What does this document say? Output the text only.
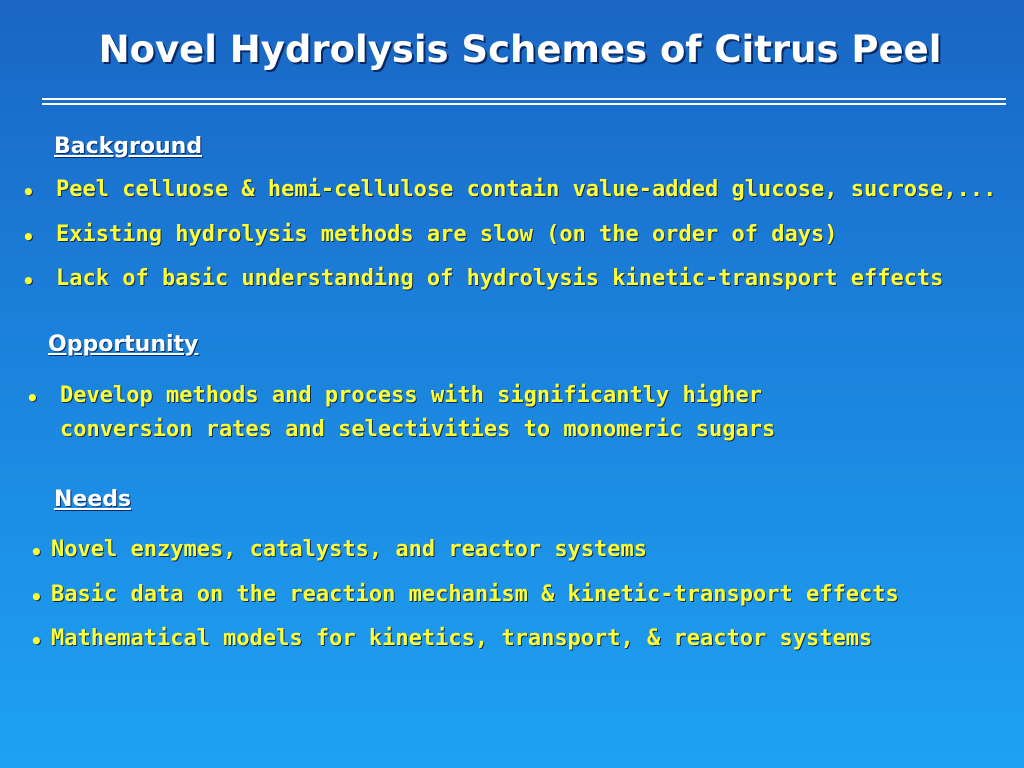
Novel Hydrolysis Schemes of Citrus Peel
Background
• Peel celluose & hemi-cellulose contain value-added glucose, sucrose,...
• Existing hydrolysis methods are slow (on the order of days)
• Lack of basic understanding of hydrolysis kinetic-transport effects
Opportunity
• Develop methods and process with significantly higher
conversion rates and selectivities to monomeric sugars
Needs
• Novel enzymes, catalysts, and reactor systems
• Basic data on the reaction mechanism & kinetic-transport effects
• Mathematical models for kinetics, transport, & reactor systems
